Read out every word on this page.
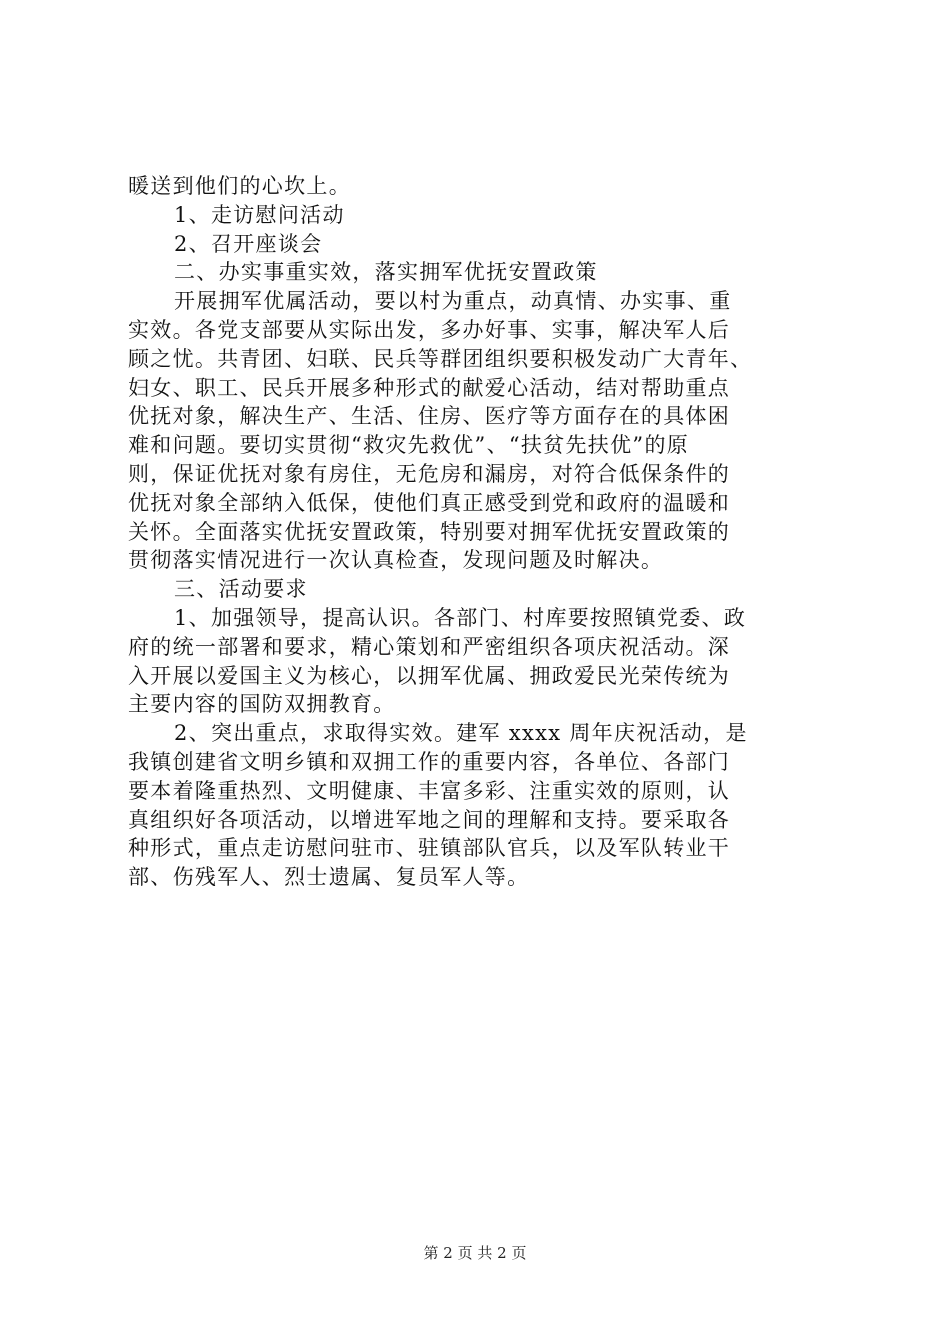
暖送到他们的心坎上。
1、走访慰问活动
2、召开座谈会
二、办实事重实效，落实拥军优抚安置政策
开展拥军优属活动，要以村为重点，动真情、办实事、重
实效。各党支部要从实际出发，多办好事、实事，解决军人后
顾之忧。共青团、妇联、民兵等群团组织要积极发动广大青年、
妇女、职工、民兵开展多种形式的献爱心活动，结对帮助重点
优抚对象，解决生产、生活、住房、医疗等方面存在的具体困
难和问题。要切实贯彻“救灾先救优”、“扶贫先扶优”的原
则，保证优抚对象有房住，无危房和漏房，对符合低保条件的
优抚对象全部纳入低保，使他们真正感受到党和政府的温暖和
关怀。全面落实优抚安置政策，特别要对拥军优抚安置政策的
贯彻落实情况进行一次认真检查，发现问题及时解决。
三、活动要求
1、加强领导，提高认识。各部门、村库要按照镇党委、政
府的统一部署和要求，精心策划和严密组织各项庆祝活动。深
入开展以爱国主义为核心，以拥军优属、拥政爱民光荣传统为
主要内容的国防双拥教育。
2、突出重点，求取得实效。建军 xxxx 周年庆祝活动，是
我镇创建省文明乡镇和双拥工作的重要内容，各单位、各部门
要本着隆重热烈、文明健康、丰富多彩、注重实效的原则，认
真组织好各项活动，以增进军地之间的理解和支持。要采取各
种形式，重点走访慰问驻市、驻镇部队官兵，以及军队转业干
部、伤残军人、烈士遗属、复员军人等。
第 2 页 共 2 页
